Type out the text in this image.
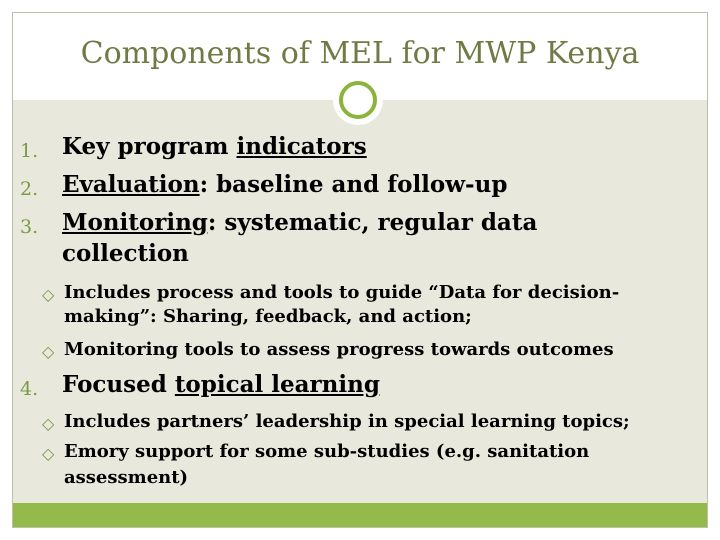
Components of MEL for MWP Kenya
1. Key program indicators
2. Evaluation: baseline and follow-up
3. Monitoring: systematic, regular data
collection
◇ Includes process and tools to guide “Data for decision-
making”: Sharing, feedback, and action;
◇ Monitoring tools to assess progress towards outcomes
4. Focused topical learning
◇ Includes partners’ leadership in special learning topics;
◇ Emory support for some sub-studies (e.g. sanitation
assessment)
